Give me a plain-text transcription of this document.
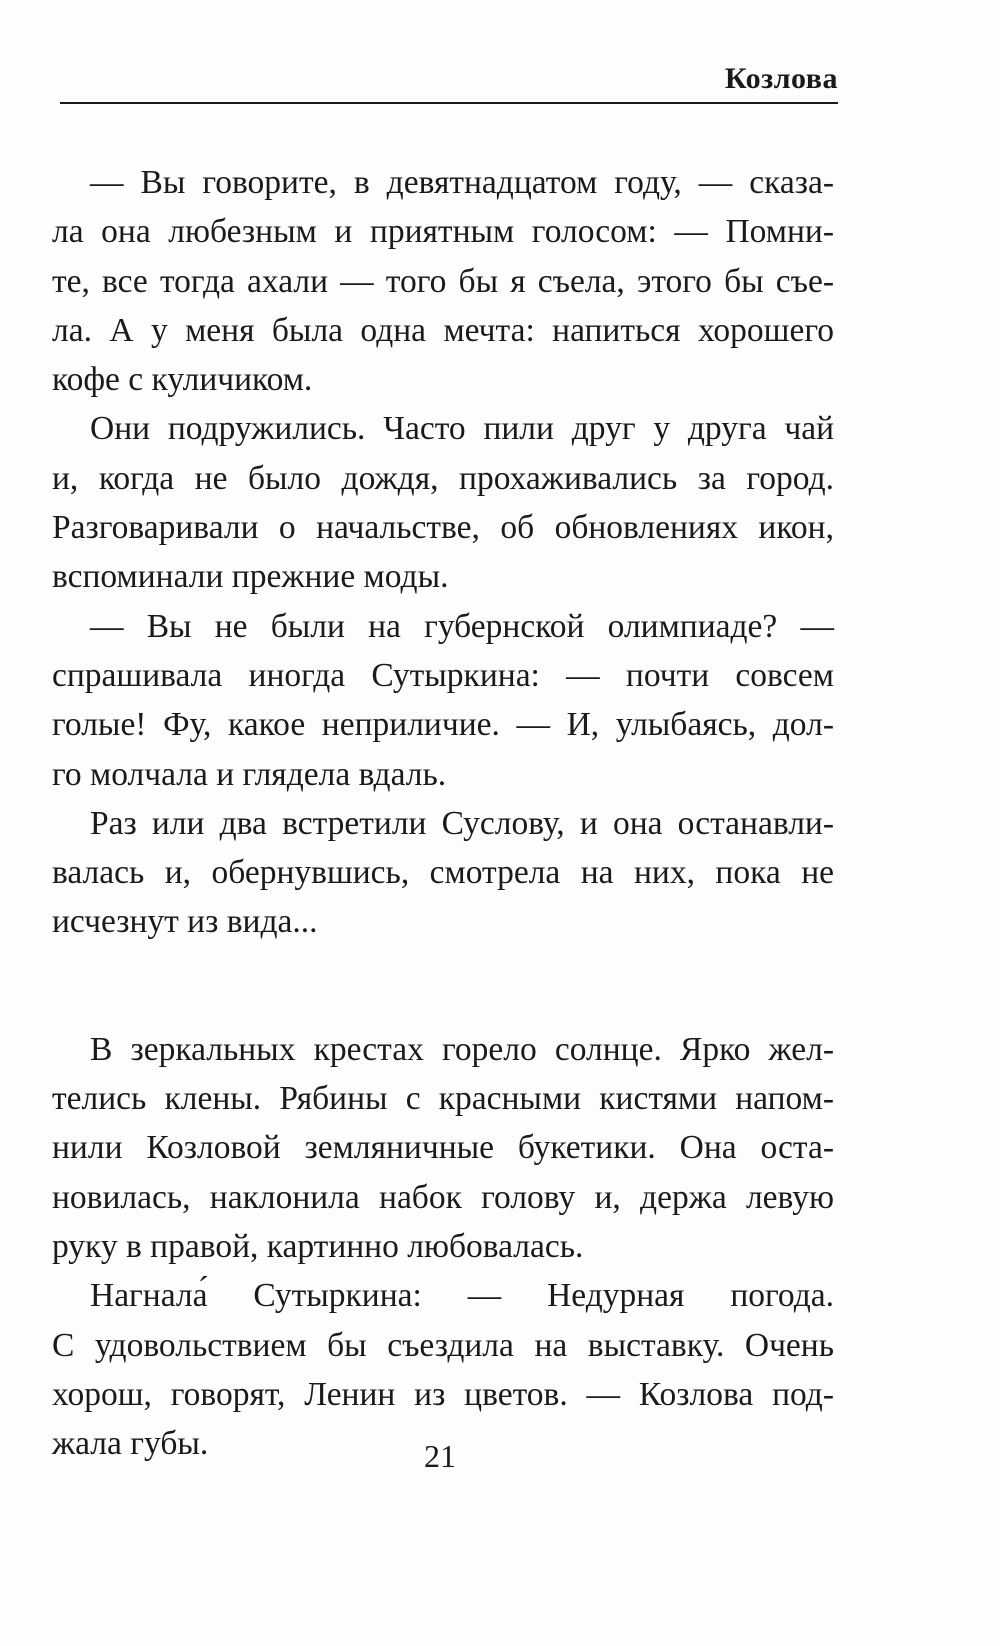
Козлова
— Вы говорите, в девятнадцатом году, — сказа-
ла она любезным и приятным голосом: — Помни-
те, все тогда ахали — того бы я съела, этого бы съе-
ла. А у меня была одна мечта: напиться хорошего
кофе с куличиком.
Они подружились. Часто пили друг у друга чай
и, когда не было дождя, прохаживались за город.
Разговаривали о начальстве, об обновлениях икон,
вспоминали прежние моды.
— Вы не были на губернской олимпиаде? —
спрашивала иногда Сутыркина: — почти совсем
голые! Фу, какое неприличие. — И, улыбаясь, дол-
го молчала и глядела вдаль.
Раз или два встретили Суслову, и она останавли-
валась и, обернувшись, смотрела на них, пока не
исчезнут из вида...
В зеркальных крестах горело солнце. Ярко жел-
телись клены. Рябины с красными кистями напом-
нили Козловой земляничные букетики. Она оста-
новилась, наклонила набок голову и, держа левую
руку в правой, картинно любовалась.
Нагнала́ Сутыркина: — Недурная погода.
С удовольствием бы съездила на выставку. Очень
хорош, говорят, Ленин из цветов. — Козлова под-
жала губы.	21
